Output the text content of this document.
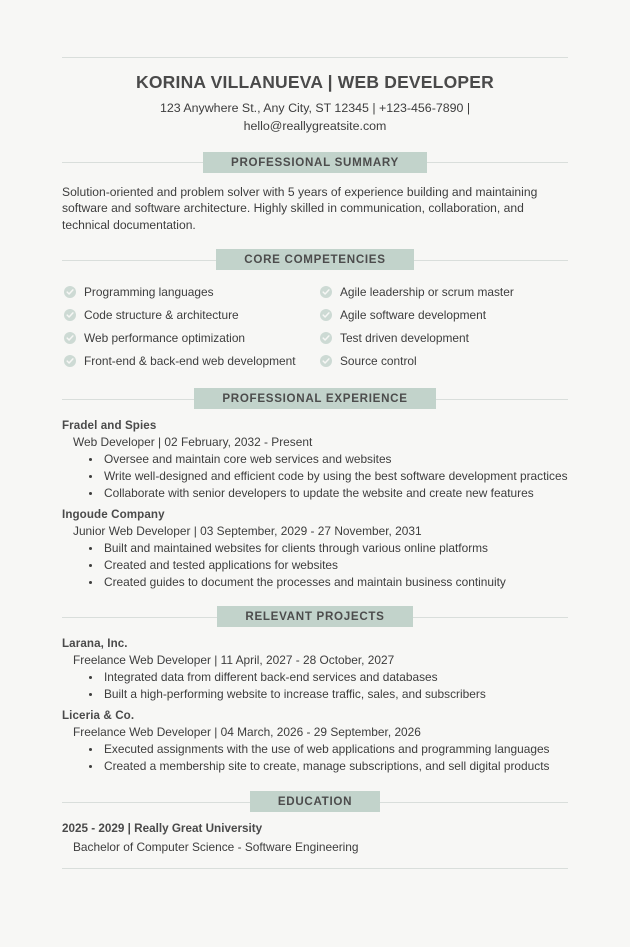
KORINA VILLANUEVA | WEB DEVELOPER
123 Anywhere St., Any City, ST 12345 | +123-456-7890 | hello@reallygreatsite.com
PROFESSIONAL SUMMARY
Solution-oriented and problem solver with 5 years of experience building and maintaining software and software architecture. Highly skilled in communication, collaboration, and technical documentation.
CORE COMPETENCIES
Programming languages	Agile leadership or scrum master
Code structure & architecture	Agile software development
Web performance optimization	Test driven development
Front-end & back-end web development	Source control
PROFESSIONAL EXPERIENCE
Fradel and Spies
Web Developer | 02 February, 2032 - Present
• Oversee and maintain core web services and websites
• Write well-designed and efficient code by using the best software development practices
• Collaborate with senior developers to update the website and create new features
Ingoude Company
Junior Web Developer | 03 September, 2029 - 27 November, 2031
• Built and maintained websites for clients through various online platforms
• Created and tested applications for websites
• Created guides to document the processes and maintain business continuity
RELEVANT PROJECTS
Larana, Inc.
Freelance Web Developer | 11 April, 2027 - 28 October, 2027
• Integrated data from different back-end services and databases
• Built a high-performing website to increase traffic, sales, and subscribers
Liceria & Co.
Freelance Web Developer | 04 March, 2026 - 29 September, 2026
• Executed assignments with the use of web applications and programming languages
• Created a membership site to create, manage subscriptions, and sell digital products
EDUCATION
2025 - 2029 | Really Great University
Bachelor of Computer Science - Software Engineering
